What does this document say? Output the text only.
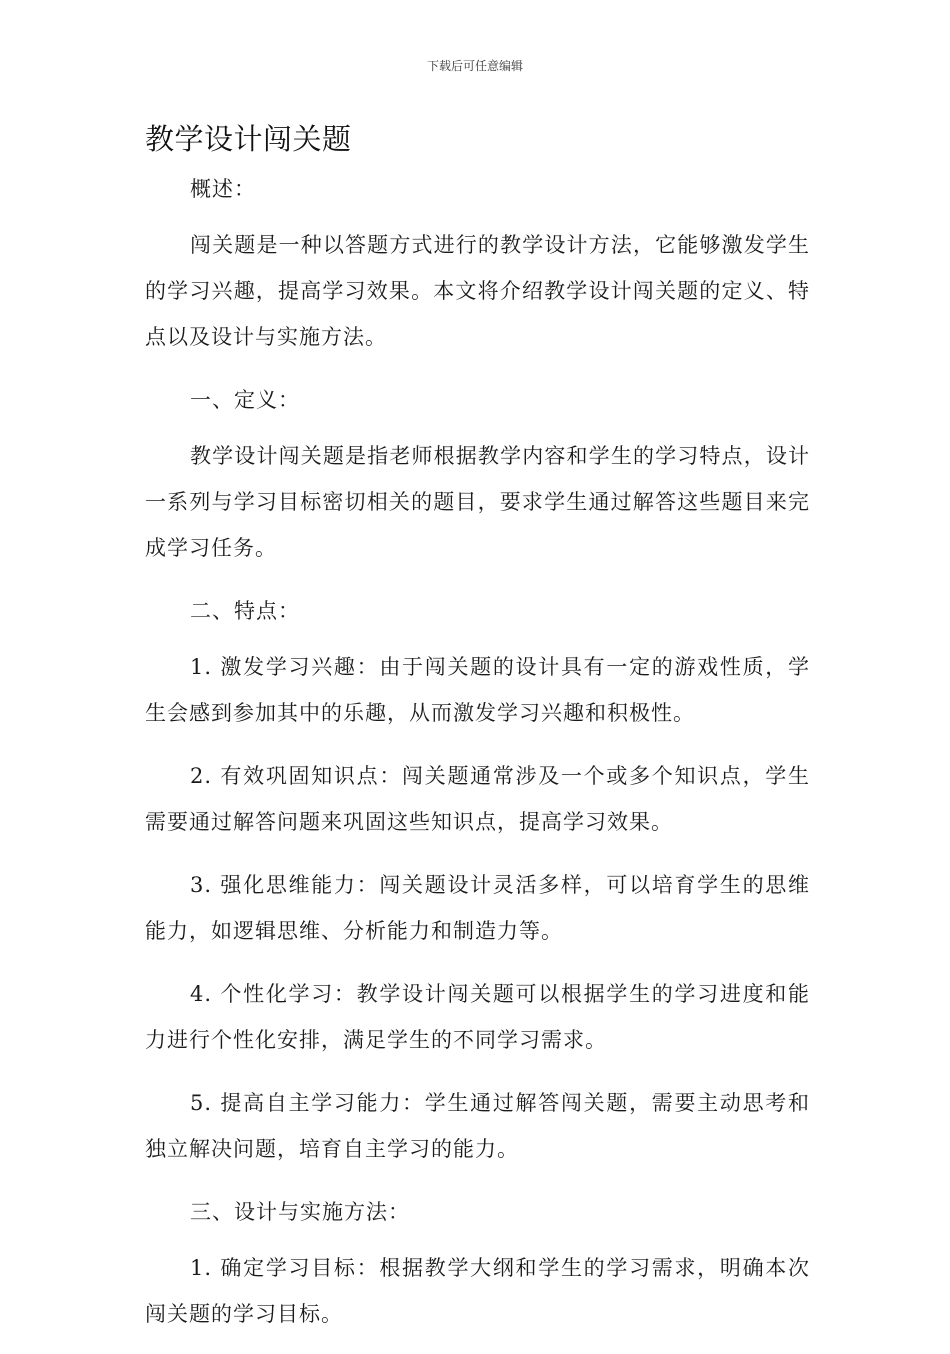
下载后可任意编辑

教学设计闯关题

概述：

闯关题是一种以答题方式进行的教学设计方法，它能够激发学生的学习兴趣，提高学习效果。本文将介绍教学设计闯关题的定义、特点以及设计与实施方法。

一、定义：

教学设计闯关题是指老师根据教学内容和学生的学习特点，设计一系列与学习目标密切相关的题目，要求学生通过解答这些题目来完成学习任务。

二、特点：

1. 激发学习兴趣：由于闯关题的设计具有一定的游戏性质，学生会感到参加其中的乐趣，从而激发学习兴趣和积极性。

2. 有效巩固知识点：闯关题通常涉及一个或多个知识点，学生需要通过解答问题来巩固这些知识点，提高学习效果。

3. 强化思维能力：闯关题设计灵活多样，可以培育学生的思维能力，如逻辑思维、分析能力和制造力等。

4. 个性化学习：教学设计闯关题可以根据学生的学习进度和能力进行个性化安排，满足学生的不同学习需求。

5. 提高自主学习能力：学生通过解答闯关题，需要主动思考和独立解决问题，培育自主学习的能力。

三、设计与实施方法：

1. 确定学习目标：根据教学大纲和学生的学习需求，明确本次闯关题的学习目标。
